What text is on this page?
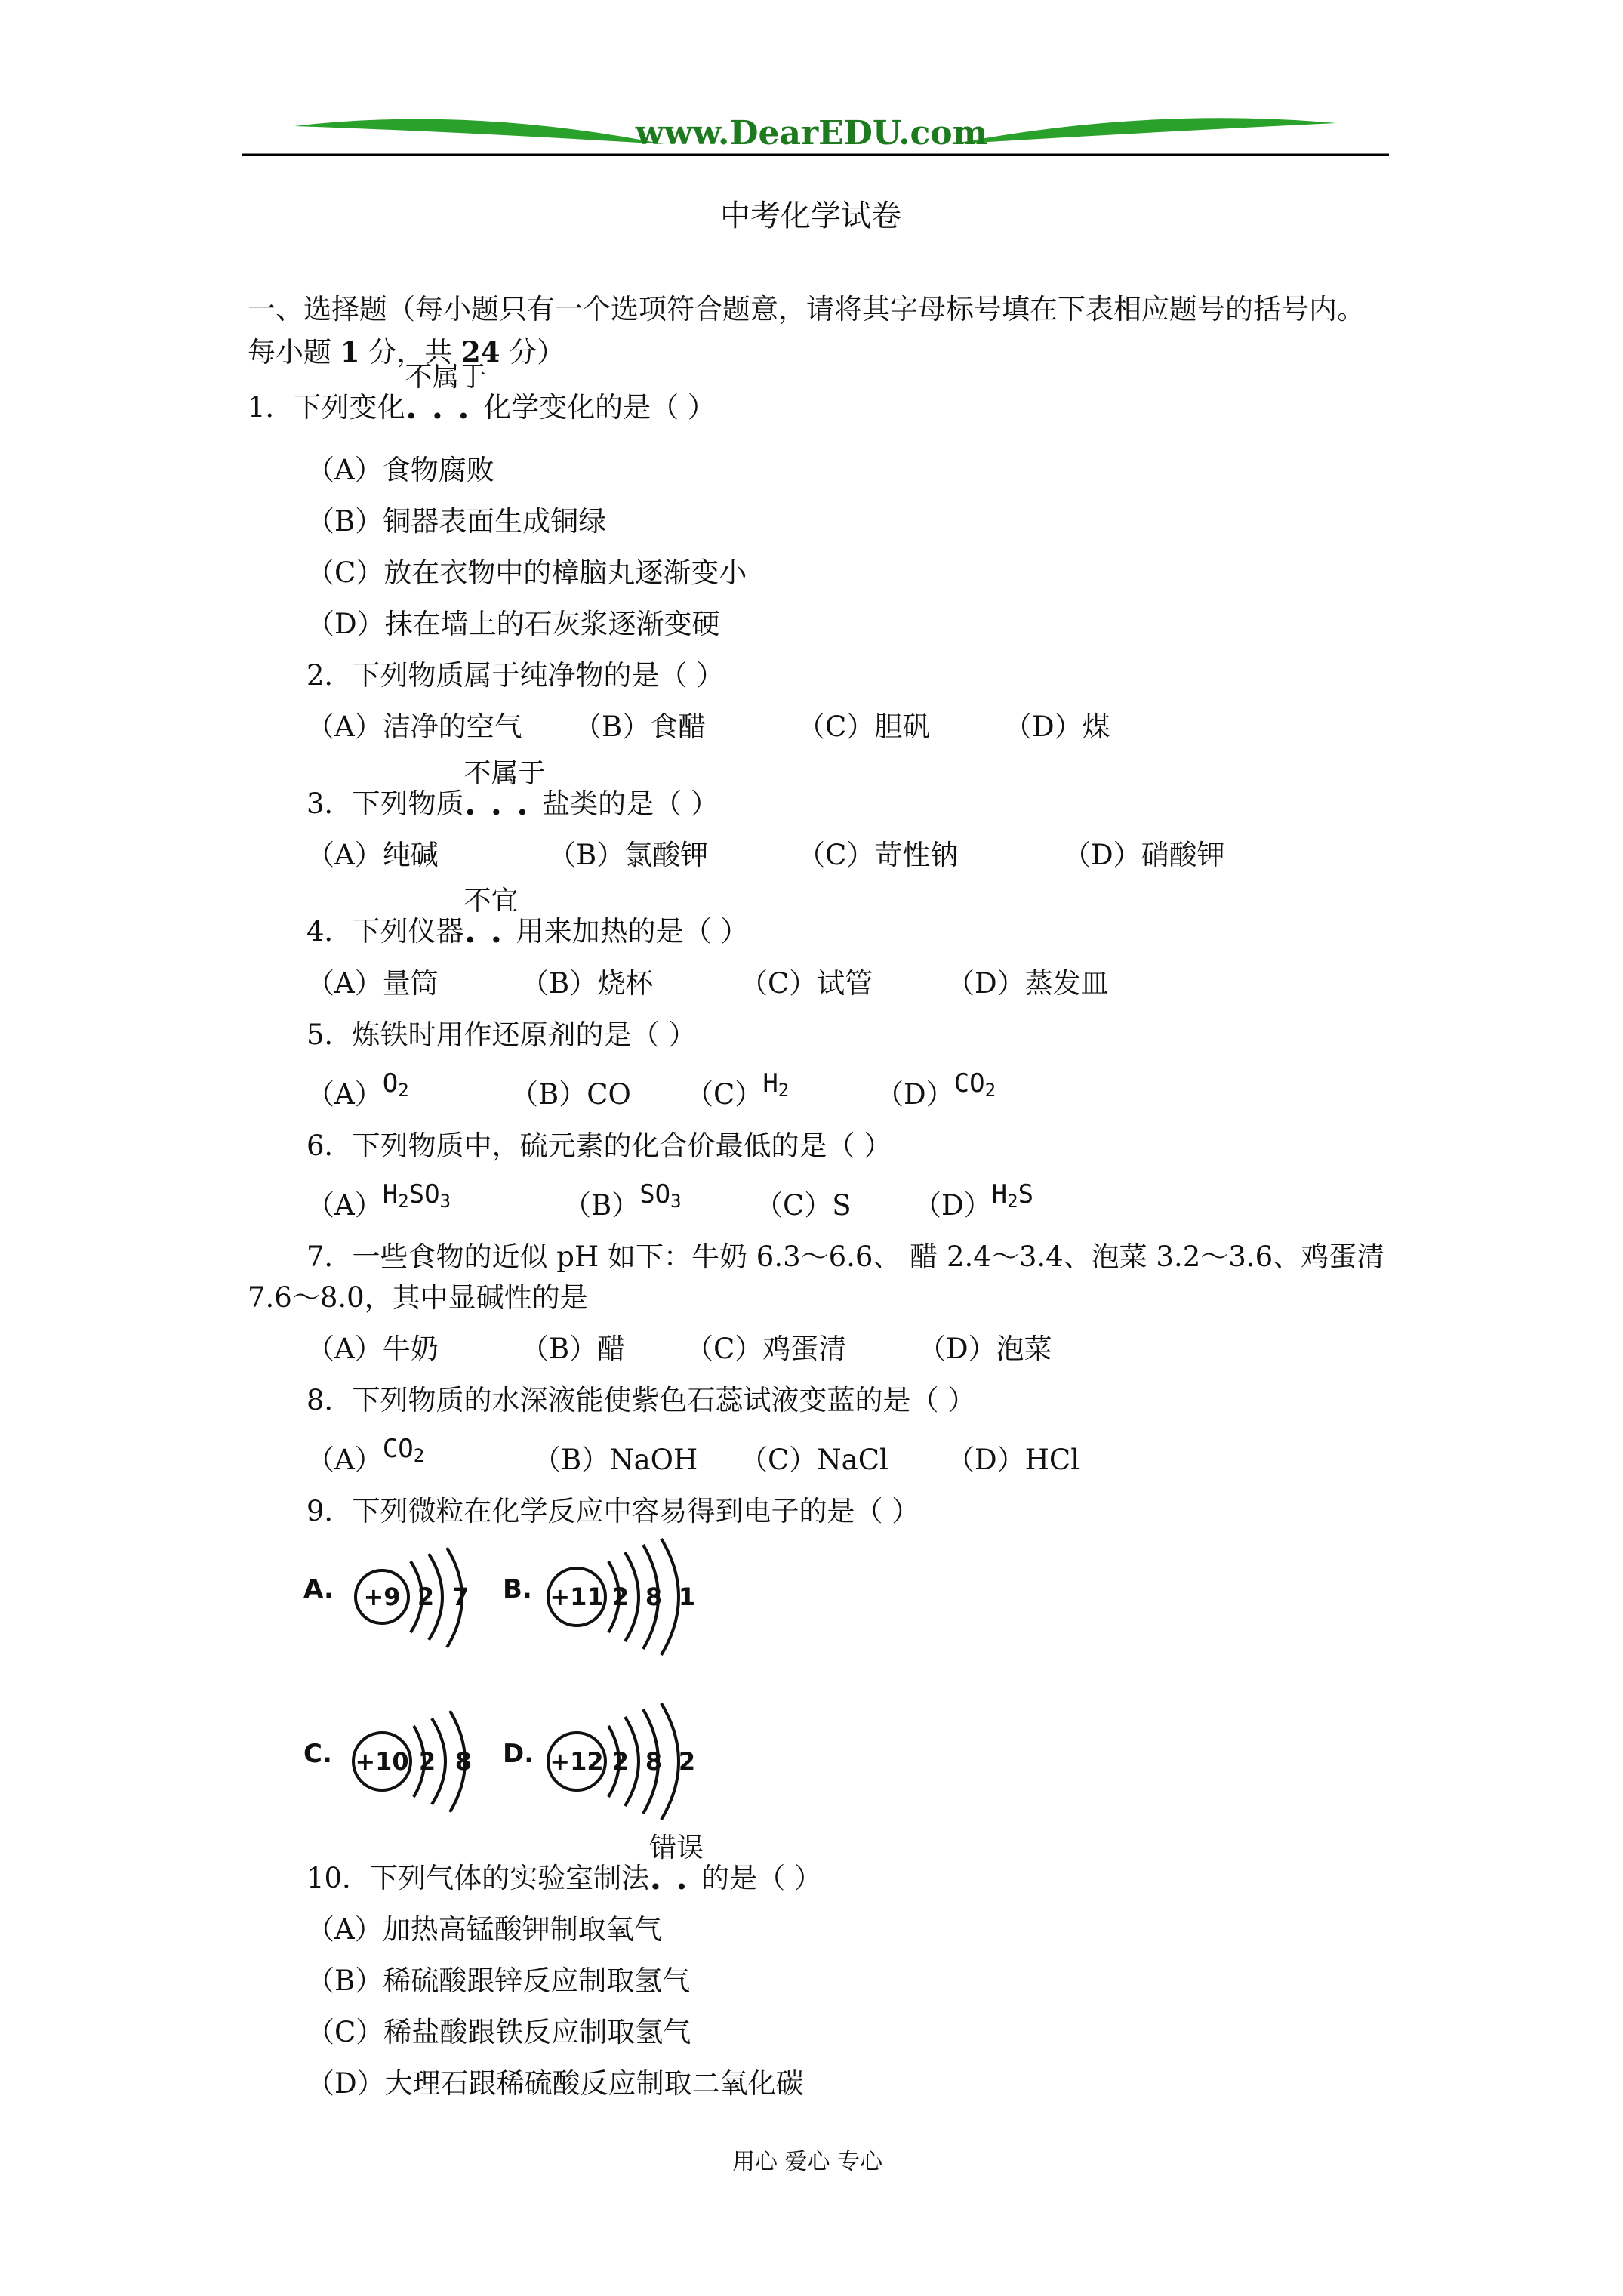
www.DearEDU.com
中考化学试卷
一、选择题（每小题只有一个选项符合题意，请将其字母标号填在下表相应题号的括号内。
每小题 1 分，共 24 分）
1．下列变化
不属于
•••化学变化的是（ ）
（A）食物腐败
（B）铜器表面生成铜绿
（C）放在衣物中的樟脑丸逐渐变小
（D）抹在墙上的石灰浆逐渐变硬
2．下列物质属于纯净物的是（ ）
（A）洁净的空气 （B）食醋	（C）胆矾	（D）煤
3．下列物质
不属于
•••盐类的是（ ）
（A）纯碱	（B）氯酸钾	（C）苛性钠	（D）硝酸钾
4．下列仪器
不宜
••用来加热的是（ ）
（A）量筒	（B）烧杯	（C）试管	（D）蒸发皿
5．炼铁时用作还原剂的是（ ）
$(A)O_2$	（B）CO $(C)H_2$	$(D)CO_2$
6．下列物质中，硫元素的化合价最低的是（ ）
$(A)H_2SO_3$	$(B)SO_3$	（C）S $(D)H_2S$
7．一些食物的近似 pH 如下：牛奶 6.3～6.6、 醋 2.4～3.4、泡菜 3.2～3.6、鸡蛋清
7.6～8.0，其中显碱性的是
（A）牛奶	（B）醋 （C）鸡蛋清	（D）泡菜
8．下列物质的水深液能使紫色石蕊试液变蓝的是（ ）
$(A)CO_2$	（B）NaOH （C）NaCl （D）HCl
9．下列微粒在化学反应中容易得到电子的是（ ）
A. +9 2 7 B. +11 2 8 1
C. +10 2 8 D. +12 2 8 2
10．下列气体的实验室制法
错误
••的是（ ）
（A）加热高锰酸钾制取氧气
（B）稀硫酸跟锌反应制取氢气
（C）稀盐酸跟铁反应制取氢气
（D）大理石跟稀硫酸反应制取二氧化碳
用心 爱心 专心
